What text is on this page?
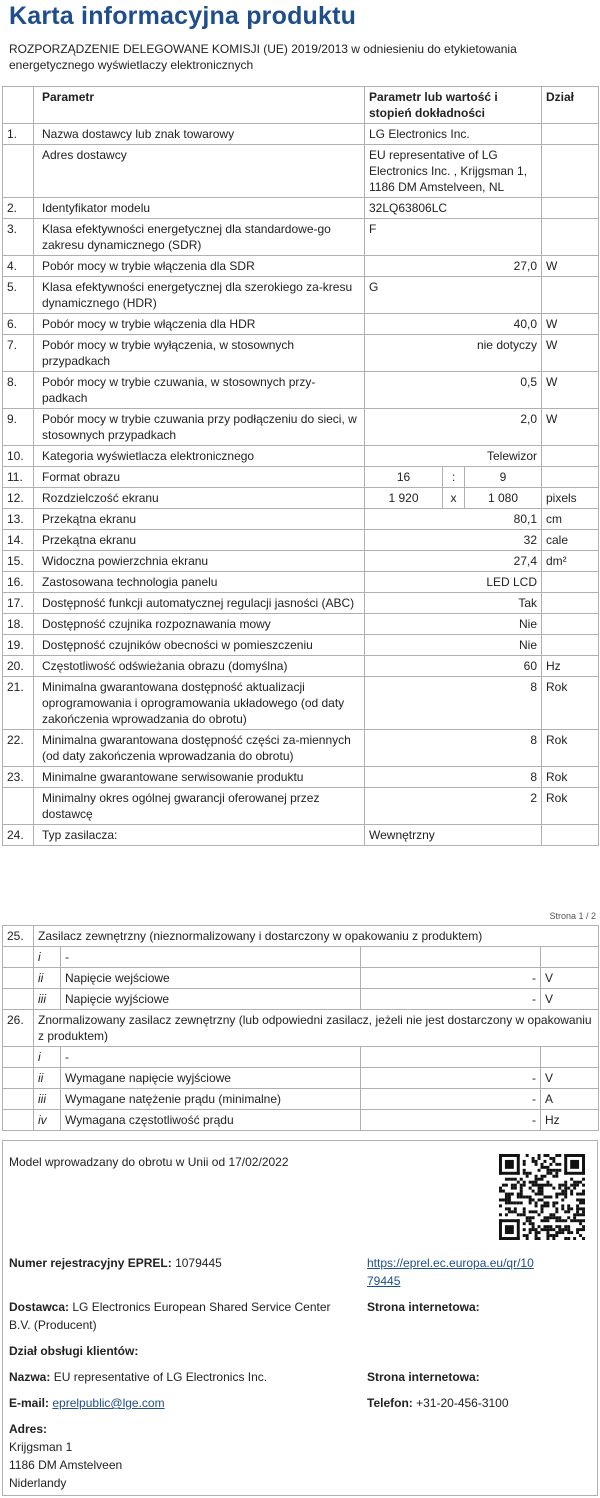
Karta informacyjna produktu
ROZPORZĄDZENIE DELEGOWANE KOMISJI (UE) 2019/2013 w odniesieniu do etykietowania energetycznego wyświetlaczy elektronicznych
	Parametr	Parametr lub wartość i stopień dokładności			Dział
1.	Nazwa dostawcy lub znak towarowy	LG Electronics Inc.			
	Adres dostawcy	EU representative of LG Electronics Inc. , Krijgsman 1, 1186 DM Amstelveen, NL			
2.	Identyfikator modelu	32LQ63806LC			
3.	Klasa efektywności energetycznej dla standardowe-go zakresu dynamicznego (SDR)	F			
4.	Pobór mocy w trybie włączenia dla SDR	27,0			W
5.	Klasa efektywności energetycznej dla szerokiego za-kresu dynamicznego (HDR)	G			
6.	Pobór mocy w trybie włączenia dla HDR	40,0			W
7.	Pobór mocy w trybie wyłączenia, w stosownych przypadkach	nie dotyczy			W
8.	Pobór mocy w trybie czuwania, w stosownych przy-padkach	0,5			W
9.	Pobór mocy w trybie czuwania przy podłączeniu do sieci, w stosownych przypadkach	2,0			W
10.	Kategoria wyświetlacza elektronicznego	Telewizor			
11.	Format obrazu	16	:	9	
12.	Rozdzielczość ekranu	1 920	x	1 080	pixels
13.	Przekątna ekranu	80,1			cm
14.	Przekątna ekranu	32			cale
15.	Widoczna powierzchnia ekranu	27,4			dm²
16.	Zastosowana technologia panelu	LED LCD			
17.	Dostępność funkcji automatycznej regulacji jasności (ABC)	Tak			
18.	Dostępność czujnika rozpoznawania mowy	Nie			
19.	Dostępność czujników obecności w pomieszczeniu	Nie			
20.	Częstotliwość odświeżania obrazu (domyślna)	60			Hz
21.	Minimalna gwarantowana dostępność aktualizacji oprogramowania i oprogramowania układowego (od daty zakończenia wprowadzania do obrotu)	8			Rok
22.	Minimalna gwarantowana dostępność części za-miennych (od daty zakończenia wprowadzania do obrotu)	8			Rok
23.	Minimalne gwarantowane serwisowanie produktu	8			Rok
	Minimalny okres ogólnej gwarancji oferowanej przez dostawcę	2			Rok
24.	Typ zasilacza:	Wewnętrzny			
Strona 1 / 2
25.	Zasilacz zewnętrzny (nieznormalizowany i dostarczony w opakowaniu z produktem)			
	i	-		
	ii	Napięcie wejściowe	-	V
	iii	Napięcie wyjściowe	-	V
26.	Znormalizowany zasilacz zewnętrzny (lub odpowiedni zasilacz, jeżeli nie jest dostarczony w opakowaniu z produktem)			
	i	-		
	ii	Wymagane napięcie wyjściowe	-	V
	iii	Wymagane natężenie prądu (minimalne)	-	A
	iv	Wymagana częstotliwość prądu	-	Hz
Model wprowadzany do obrotu w Unii od 17/02/2022
Numer rejestracyjny EPREL: 1079445	https://eprel.ec.europa.eu/qr/10
79445
Dostawca: LG Electronics European Shared Service Center
B.V. (Producent)
Strona internetowa:
Dział obsługi klientów:
Nazwa: EU representative of LG Electronics Inc.	Strona internetowa:
E-mail: eprelpublic@lge.com	Telefon: +31-20-456-3100
Adres:
Krijgsman 1
1186 DM Amstelveen
Niderlandy
